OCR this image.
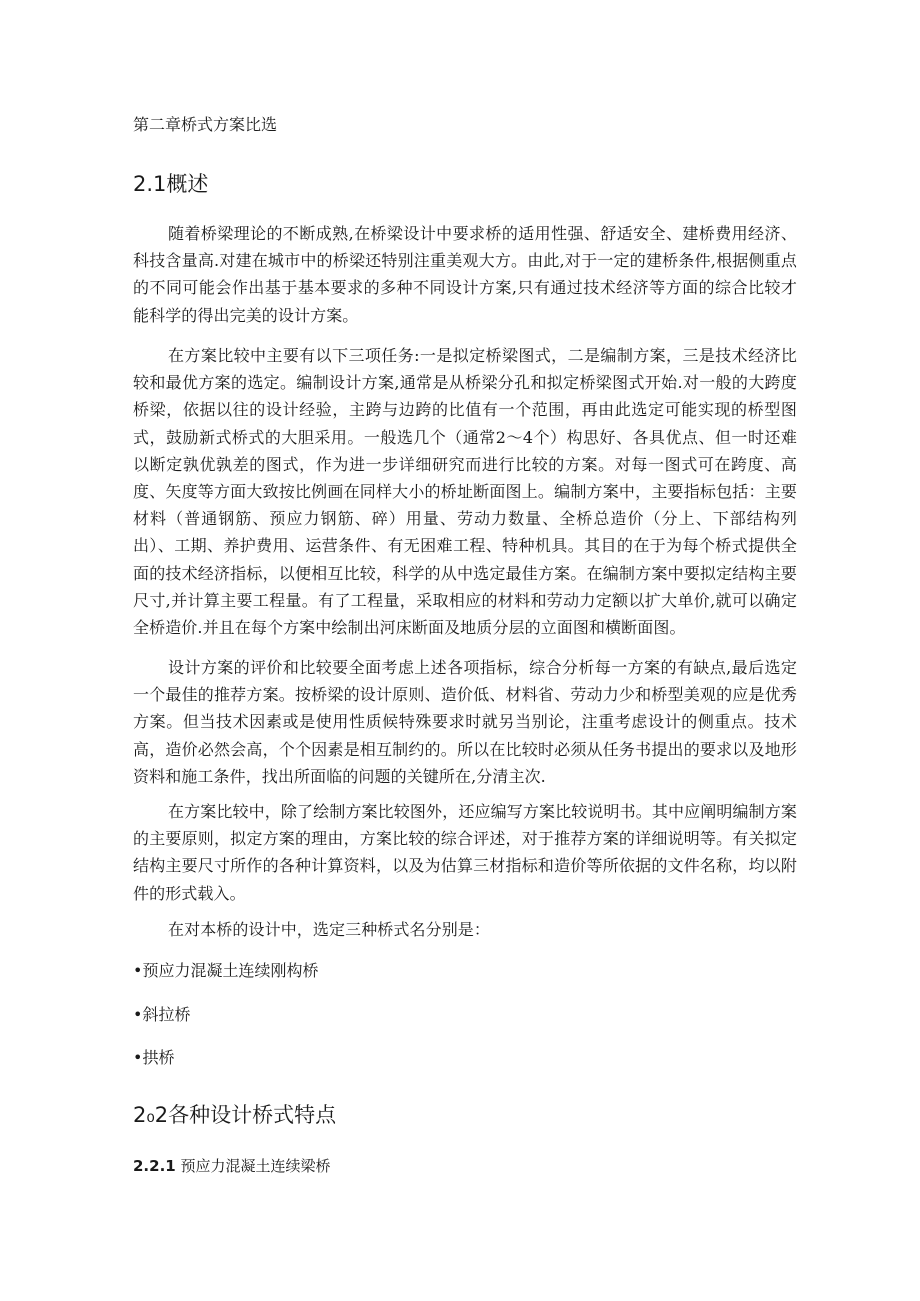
第二章桥式方案比选
2.1概述

随着桥梁理论的不断成熟,在桥梁设计中要求桥的适用性强、舒适安全、建桥费用经济、科技含量高.对建在城市中的桥梁还特别注重美观大方。由此,对于一定的建桥条件,根据侧重点的不同可能会作出基于基本要求的多种不同设计方案,只有通过技术经济等方面的综合比较才能科学的得出完美的设计方案。

在方案比较中主要有以下三项任务:一是拟定桥梁图式，二是编制方案，三是技术经济比较和最优方案的选定。编制设计方案,通常是从桥梁分孔和拟定桥梁图式开始.对一般的大跨度桥梁，依据以往的设计经验，主跨与边跨的比值有一个范围，再由此选定可能实现的桥型图式，鼓励新式桥式的大胆采用。一般选几个（通常2～4个）构思好、各具优点、但一时还难以断定孰优孰差的图式，作为进一步详细研究而进行比较的方案。对每一图式可在跨度、高度、矢度等方面大致按比例画在同样大小的桥址断面图上。编制方案中，主要指标包括：主要材料（普通钢筋、预应力钢筋、碎）用量、劳动力数量、全桥总造价（分上、下部结构列出）、工期、养护费用、运营条件、有无困难工程、特种机具。其目的在于为每个桥式提供全面的技术经济指标，以便相互比较，科学的从中选定最佳方案。在编制方案中要拟定结构主要尺寸,并计算主要工程量。有了工程量，采取相应的材料和劳动力定额以扩大单价,就可以确定全桥造价.并且在每个方案中绘制出河床断面及地质分层的立面图和横断面图。

设计方案的评价和比较要全面考虑上述各项指标，综合分析每一方案的有缺点,最后选定一个最佳的推荐方案。按桥梁的设计原则、造价低、材料省、劳动力少和桥型美观的应是优秀方案。但当技术因素或是使用性质候特殊要求时就另当别论，注重考虑设计的侧重点。技术高，造价必然会高，个个因素是相互制约的。所以在比较时必须从任务书提出的要求以及地形资料和施工条件，找出所面临的问题的关键所在,分清主次.

在方案比较中，除了绘制方案比较图外，还应编写方案比较说明书。其中应阐明编制方案的主要原则，拟定方案的理由，方案比较的综合评述，对于推荐方案的详细说明等。有关拟定结构主要尺寸所作的各种计算资料，以及为估算三材指标和造价等所依据的文件名称，均以附件的形式载入。

在对本桥的设计中，选定三种桥式名分别是：

•预应力混凝土连续刚构桥
•斜拉桥
•拱桥
2₀2各种设计桥式特点
2.2.1 预应力混凝土连续梁桥
